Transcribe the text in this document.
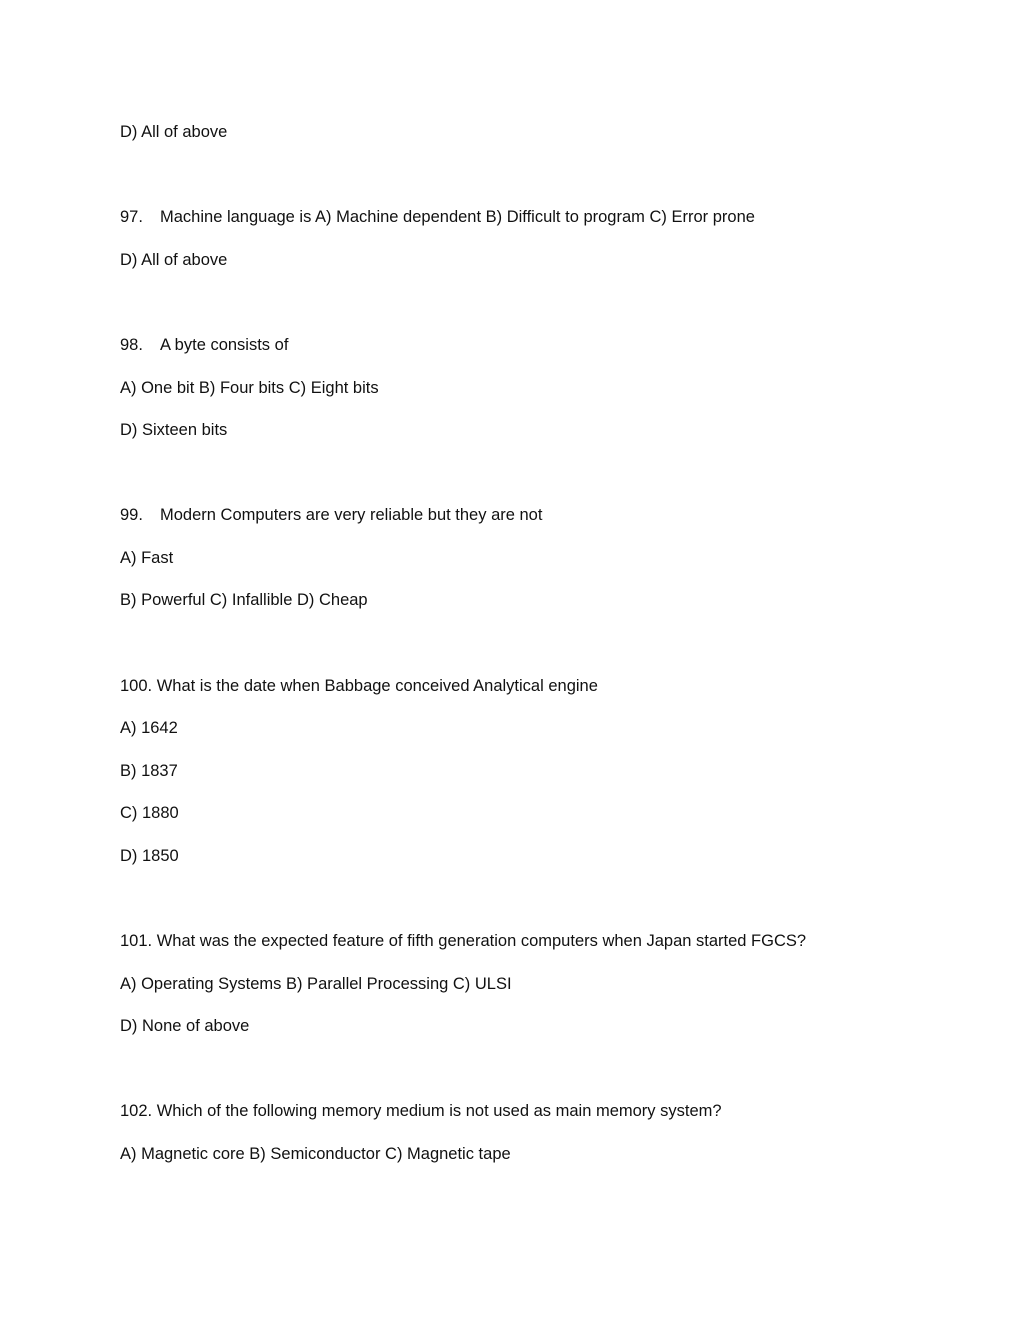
D) All of above
97. Machine language is A) Machine dependent B) Difficult to program C) Error prone
D) All of above
98. A byte consists of
A) One bit B) Four bits C) Eight bits
D) Sixteen bits
99. Modern Computers are very reliable but they are not
A) Fast
B) Powerful C) Infallible D) Cheap
100. What is the date when Babbage conceived Analytical engine
A) 1642
B) 1837
C) 1880
D) 1850
101. What was the expected feature of fifth generation computers when Japan started FGCS?
A) Operating Systems B) Parallel Processing C) ULSI
D) None of above
102. Which of the following memory medium is not used as main memory system?
A) Magnetic core B) Semiconductor C) Magnetic tape
